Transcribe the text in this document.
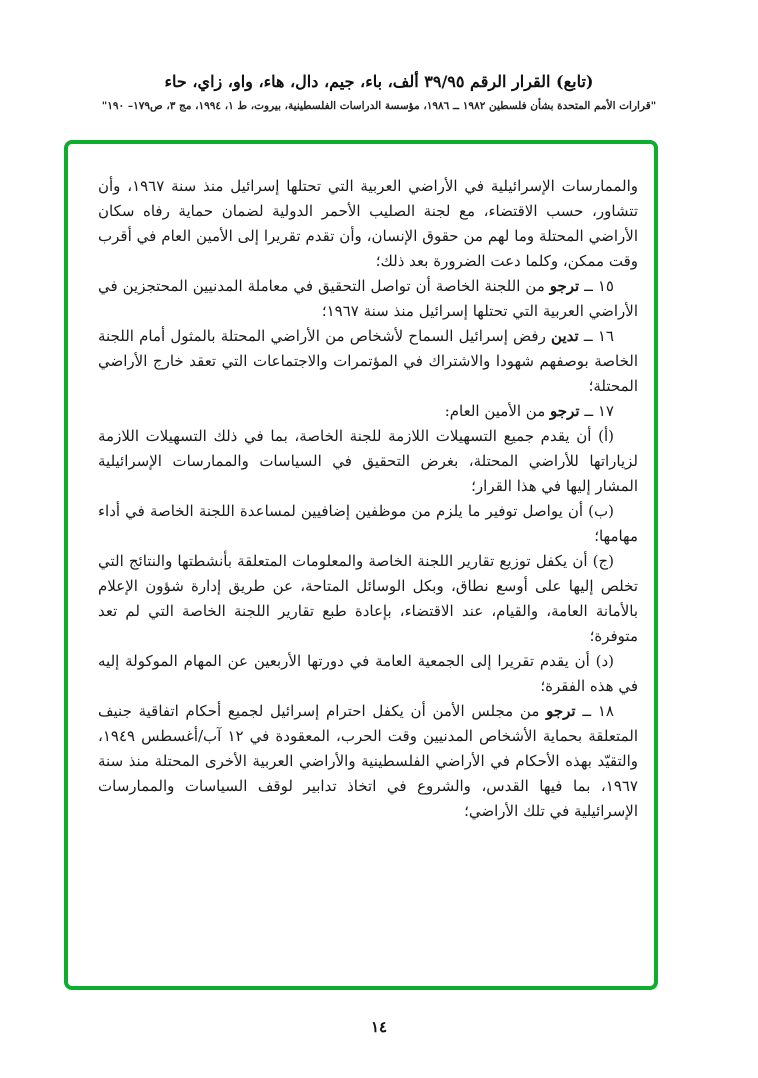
(تابع) القرار الرقم ٣٩/٩٥ ألف، باء، جيم، دال، هاء، واو، زاي، حاء
"قرارات الأمم المتحدة بشأن فلسطين ١٩٨٢ ــ ١٩٨٦، مؤسسة الدراسات الفلسطينية، بيروت، ط ١، ١٩٩٤، مج ٣، ص١٧٩– ١٩٠"

والممارسات الإسرائيلية في الأراضي العربية التي تحتلها إسرائيل منذ سنة ١٩٦٧، وأن تتشاور، حسب الاقتضاء، مع لجنة الصليب الأحمر الدولية لضمان حماية رفاه سكان الأراضي المحتلة وما لهم من حقوق الإنسان، وأن تقدم تقريرا إلى الأمين العام في أقرب وقت ممكن، وكلما دعت الضرورة بعد ذلك؛

١٥ ــ ترجو من اللجنة الخاصة أن تواصل التحقيق في معاملة المدنيين المحتجزين في الأراضي العربية التي تحتلها إسرائيل منذ سنة ١٩٦٧؛

١٦ ــ تدين رفض إسرائيل السماح لأشخاص من الأراضي المحتلة بالمثول أمام اللجنة الخاصة بوصفهم شهودا والاشتراك في المؤتمرات والاجتماعات التي تعقد خارج الأراضي المحتلة؛

١٧ ــ ترجو من الأمين العام:

(أ) أن يقدم جميع التسهيلات اللازمة للجنة الخاصة، بما في ذلك التسهيلات اللازمة لزياراتها للأراضي المحتلة، بغرض التحقيق في السياسات والممارسات الإسرائيلية المشار إليها في هذا القرار؛

(ب) أن يواصل توفير ما يلزم من موظفين إضافيين لمساعدة اللجنة الخاصة في أداء مهامها؛

(ج) أن يكفل توزيع تقارير اللجنة الخاصة والمعلومات المتعلقة بأنشطتها والنتائج التي تخلص إليها على أوسع نطاق، وبكل الوسائل المتاحة، عن طريق إدارة شؤون الإعلام بالأمانة العامة، والقيام، عند الاقتضاء، بإعادة طبع تقارير اللجنة الخاصة التي لم تعد متوفرة؛

(د) أن يقدم تقريرا إلى الجمعية العامة في دورتها الأربعين عن المهام الموكولة إليه في هذه الفقرة؛

١٨ ــ ترجو من مجلس الأمن أن يكفل احترام إسرائيل لجميع أحكام اتفاقية جنيف المتعلقة بحماية الأشخاص المدنيين وقت الحرب، المعقودة في ١٢ آب/أغسطس ١٩٤٩، والتقيّد بهذه الأحكام في الأراضي الفلسطينية والأراضي العربية الأخرى المحتلة منذ سنة ١٩٦٧، بما فيها القدس، والشروع في اتخاذ تدابير لوقف السياسات والممارسات الإسرائيلية في تلك الأراضي؛

١٤
